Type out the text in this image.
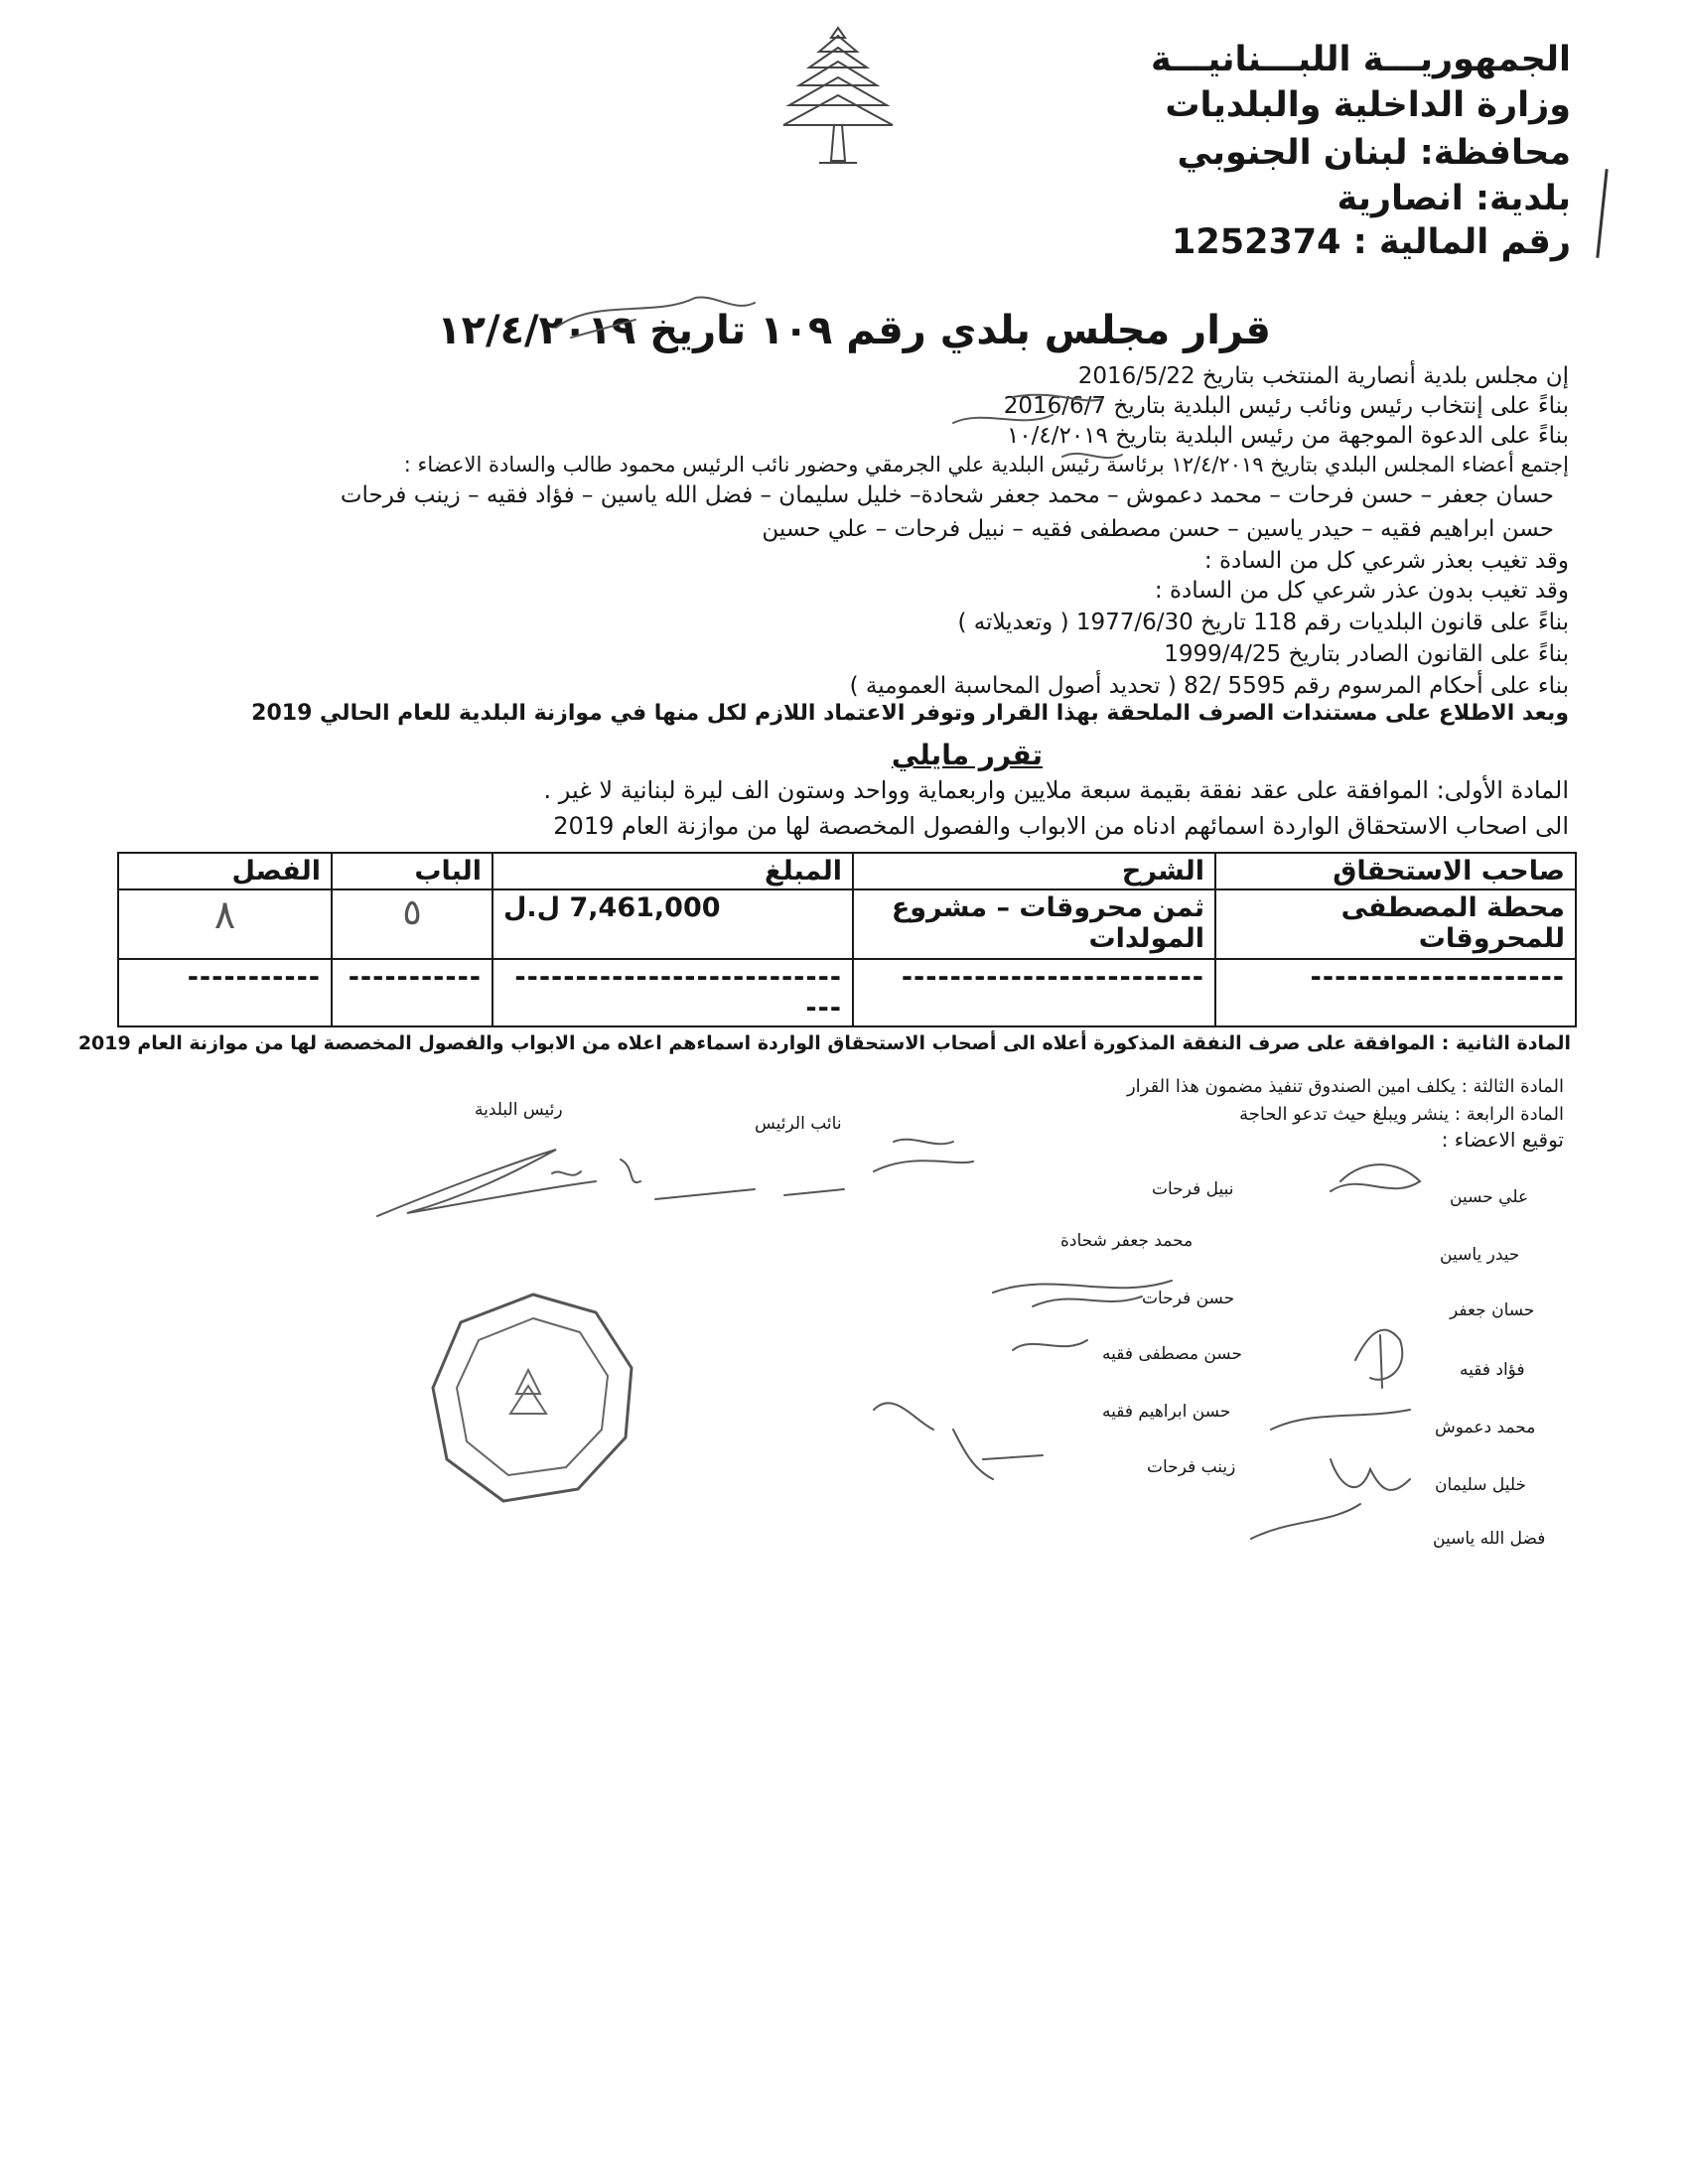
الجمهوريـــة اللبـــنانيـــة
وزارة الداخلية والبلديات
محافظة: لبنان الجنوبي
بلدية: انصارية
رقم المالية : 1252374
قرار مجلس بلدي رقم ١٠٩ تاريخ ١٢/٤/٢٠١٩
إن مجلس بلدية أنصارية المنتخب بتاريخ 2016/5/22
بناءً على إنتخاب رئيس ونائب رئيس البلدية بتاريخ 2016/6/7
بناءً على الدعوة الموجهة من رئيس البلدية بتاريخ ١٠/٤/٢٠١٩
إجتمع أعضاء المجلس البلدي بتاريخ ١٢/٤/٢٠١٩ برئاسة رئيس البلدية علي الجرمقي وحضور نائب الرئيس محمود طالب والسادة الاعضاء :
حسان جعفر – حسن فرحات – محمد دعموش – محمد جعفر شحادة– خليل سليمان – فضل الله ياسين – فؤاد فقيه – زينب فرحات
حسن ابراهيم فقيه – حيدر ياسين – حسن مصطفى فقيه – نبيل فرحات – علي حسين
وقد تغيب بعذر شرعي كل من السادة :
وقد تغيب بدون عذر شرعي كل من السادة :
بناءً على قانون البلديات رقم 118 تاريخ 1977/6/30 ( وتعديلاته )
بناءً على القانون الصادر بتاريخ 1999/4/25
بناء على أحكام المرسوم رقم 5595 /82 ( تحديد أصول المحاسبة العمومية )
وبعد الاطلاع على مستندات الصرف الملحقة بهذا القرار وتوفر الاعتماد اللازم لكل منها في موازنة البلدية للعام الحالي 2019
تقرر مايلي
المادة الأولى: الموافقة على عقد نفقة بقيمة سبعة ملايين واربعماية وواحد وستون الف ليرة لبنانية لا غير .
الى اصحاب الاستحقاق الواردة اسمائهم ادناه من الابواب والفصول المخصصة لها من موازنة العام 2019
صاحب الاستحقاق	الشرح	المبلغ	الباب	الفصل
محطة المصطفى للمحروقات	ثمن محروقات – مشروع المولدات	7,461,000 ل.ل	٥	٨
---------------------	-------------------------	------------------------------	-----------	-----------
المادة الثانية : الموافقة على صرف النفقة المذكورة أعلاه الى أصحاب الاستحقاق الواردة اسماءهم اعلاه من الابواب والفصول المخصصة لها من موازنة العام 2019
المادة الثالثة : يكلف امين الصندوق تنفيذ مضمون هذا القرار
المادة الرابعة : ينشر ويبلغ حيث تدعو الحاجة
توقيع الاعضاء :
رئيس البلدية
نائب الرئيس
نبيل فرحات
محمد جعفر شحادة
حسن فرحات
حسن مصطفى فقيه
حسن ابراهيم فقيه
زينب فرحات
علي حسين
حيدر ياسين
حسان جعفر
فؤاد فقيه
محمد دعموش
خليل سليمان
فضل الله ياسين
